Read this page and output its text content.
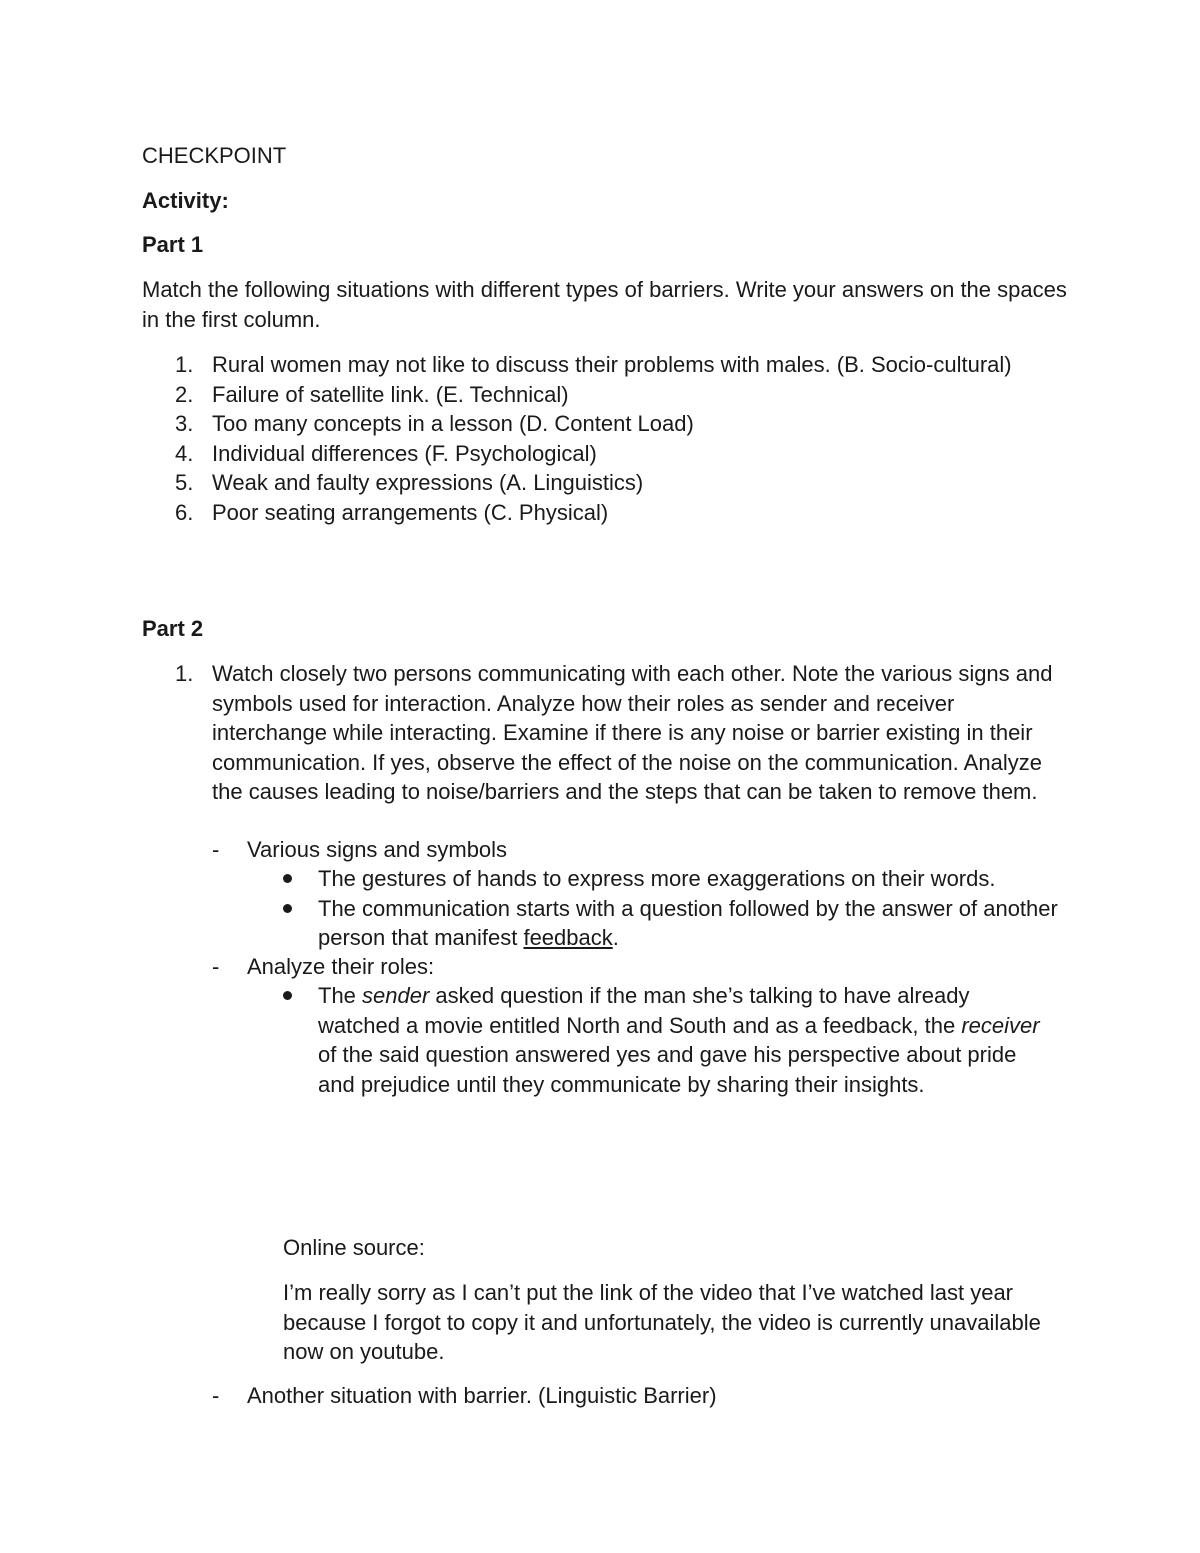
CHECKPOINT

Activity:

Part 1

Match the following situations with different types of barriers. Write your answers on the spaces in the first column.

1. Rural women may not like to discuss their problems with males. (B. Socio-cultural)
2. Failure of satellite link. (E. Technical)
3. Too many concepts in a lesson (D. Content Load)
4. Individual differences (F. Psychological)
5. Weak and faulty expressions (A. Linguistics)
6. Poor seating arrangements (C. Physical)

Part 2

1. Watch closely two persons communicating with each other. Note the various signs and symbols used for interaction. Analyze how their roles as sender and receiver interchange while interacting. Examine if there is any noise or barrier existing in their communication. If yes, observe the effect of the noise on the communication. Analyze the causes leading to noise/barriers and the steps that can be taken to remove them.
- Various signs and symbols
The gestures of hands to express more exaggerations on their words.
The communication starts with a question followed by the answer of another person that manifest feedback.
- Analyze their roles:
The sender asked question if the man she’s talking to have already watched a movie entitled North and South and as a feedback, the receiver of the said question answered yes and gave his perspective about pride and prejudice until they communicate by sharing their insights.

Online source:

I’m really sorry as I can’t put the link of the video that I’ve watched last year because I forgot to copy it and unfortunately, the video is currently unavailable now on youtube.

- Another situation with barrier. (Linguistic Barrier)
